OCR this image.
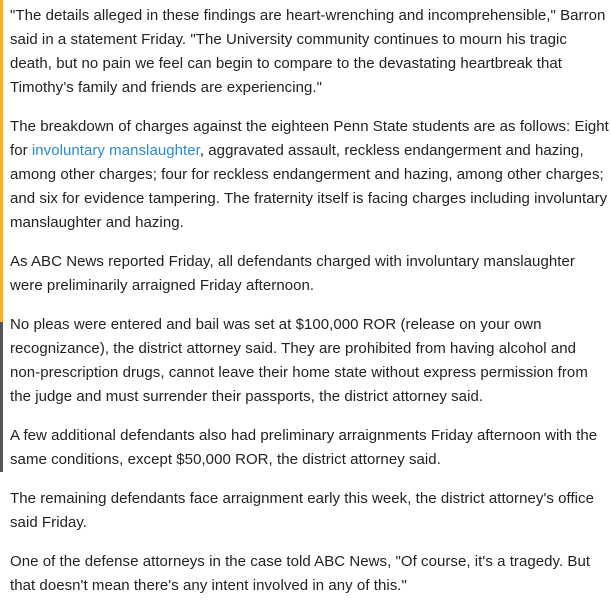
"The details alleged in these findings are heart-wrenching and incomprehensible," Barron said in a statement Friday. "The University community continues to mourn his tragic death, but no pain we feel can begin to compare to the devastating heartbreak that Timothy’s family and friends are experiencing."

The breakdown of charges against the eighteen Penn State students are as follows: Eight for involuntary manslaughter, aggravated assault, reckless endangerment and hazing, among other charges; four for reckless endangerment and hazing, among other charges; and six for evidence tampering. The fraternity itself is facing charges including involuntary manslaughter and hazing.

As ABC News reported Friday, all defendants charged with involuntary manslaughter were preliminarily arraigned Friday afternoon.

No pleas were entered and bail was set at $100,000 ROR (release on your own recognizance), the district attorney said. They are prohibited from having alcohol and non-prescription drugs, cannot leave their home state without express permission from the judge and must surrender their passports, the district attorney said.

A few additional defendants also had preliminary arraignments Friday afternoon with the same conditions, except $50,000 ROR, the district attorney said.

The remaining defendants face arraignment early this week, the district attorney's office said Friday.

One of the defense attorneys in the case told ABC News, "Of course, it's a tragedy. But that doesn't mean there's any intent involved in any of this."
